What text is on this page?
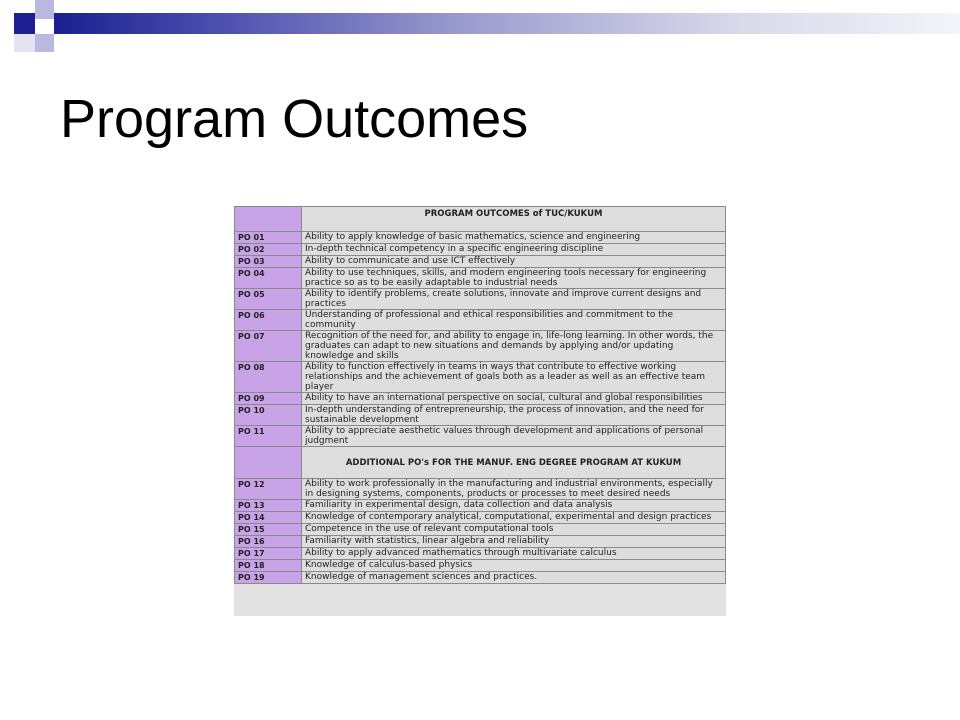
Program Outcomes
	PROGRAM OUTCOMES of TUC/KUKUM
PO 01	Ability to apply knowledge of basic mathematics, science and engineering
PO 02	In-depth technical competency in a specific engineering discipline
PO 03	Ability to communicate and use ICT effectively
PO 04	Ability to use techniques, skills, and modern engineering tools necessary for engineering practice so as to be easily adaptable to industrial needs
PO 05	Ability to identify problems, create solutions, innovate and improve current designs and practices
PO 06	Understanding of professional and ethical responsibilities and commitment to the community
PO 07	Recognition of the need for, and ability to engage in, life-long learning. In other words, the graduates can adapt to new situations and demands by applying and/or updating knowledge and skills
PO 08	Ability to function effectively in teams in ways that contribute to effective working relationships and the achievement of goals both as a leader as well as an effective team player
PO 09	Ability to have an international perspective on social, cultural and global responsibilities
PO 10	In-depth understanding of entrepreneurship, the process of innovation, and the need for sustainable development
PO 11	Ability to appreciate aesthetic values through development and applications of personal judgment
	ADDITIONAL PO's FOR THE MANUF. ENG DEGREE PROGRAM AT KUKUM
PO 12	Ability to work professionally in the manufacturing and industrial environments, especially in designing systems, components, products or processes to meet desired needs
PO 13	Familiarity in experimental design, data collection and data analysis
PO 14	Knowledge of contemporary analytical, computational, experimental and design practices
PO 15	Competence in the use of relevant computational tools
PO 16	Familiarity with statistics, linear algebra and reliability
PO 17	Ability to apply advanced mathematics through multivariate calculus
PO 18	Knowledge of calculus-based physics
PO 19	Knowledge of management sciences and practices.
